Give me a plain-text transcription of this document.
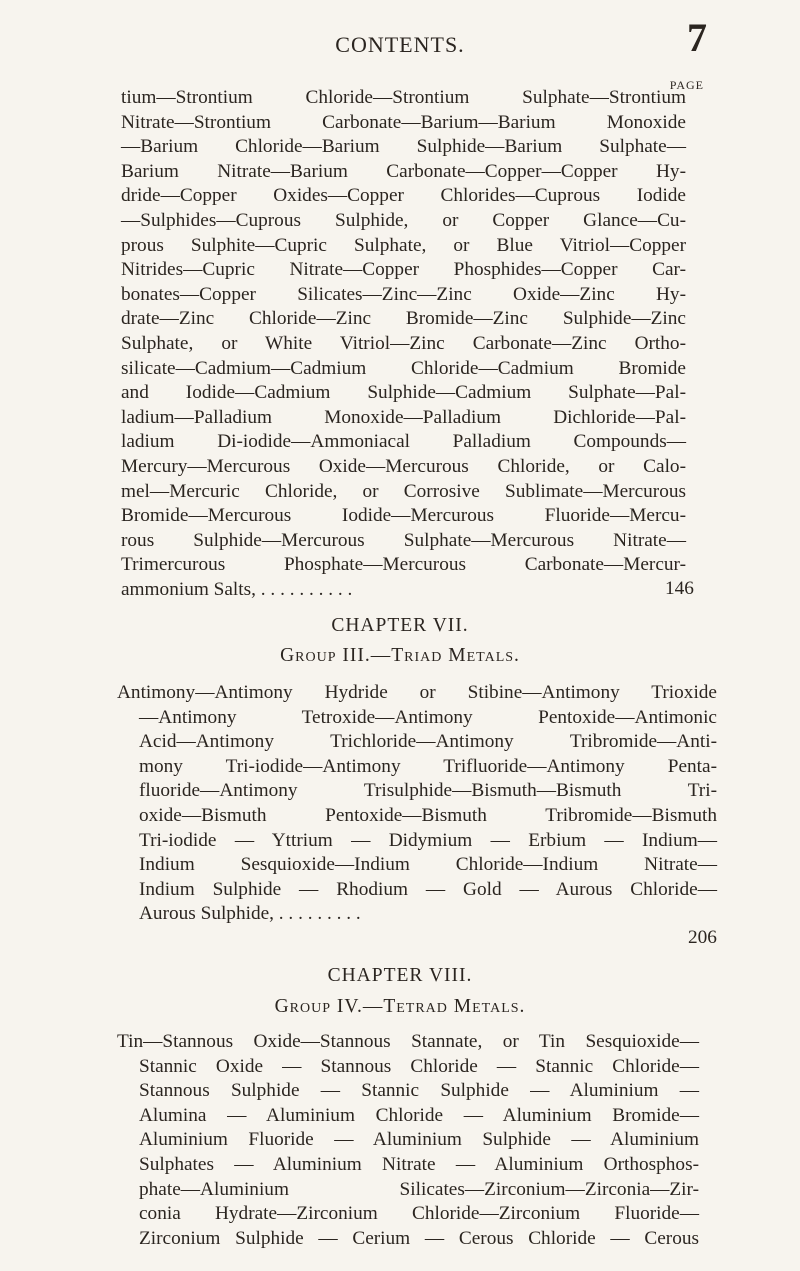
CONTENTS.	7
PAGE
tium—Strontium Chloride—Strontium Sulphate—Strontium
Nitrate—Strontium Carbonate—Barium—Barium Monoxide
—Barium Chloride—Barium Sulphide—Barium Sulphate—
Barium Nitrate—Barium Carbonate—Copper—Copper Hy-
dride—Copper Oxides—Copper Chlorides—Cuprous Iodide
—Sulphides—Cuprous Sulphide, or Copper Glance—Cu-
prous Sulphite—Cupric Sulphate, or Blue Vitriol—Copper
Nitrides—Cupric Nitrate—Copper Phosphides—Copper Car-
bonates—Copper Silicates—Zinc—Zinc Oxide—Zinc Hy-
drate—Zinc Chloride—Zinc Bromide—Zinc Sulphide—Zinc
Sulphate, or White Vitriol—Zinc Carbonate—Zinc Ortho-
silicate—Cadmium—Cadmium Chloride—Cadmium Bromide
and Iodide—Cadmium Sulphide—Cadmium Sulphate—Pal-
ladium—Palladium Monoxide—Palladium Dichloride—Pal-
ladium Di-iodide—Ammoniacal Palladium Compounds—
Mercury—Mercurous Oxide—Mercurous Chloride, or Calo-
mel—Mercuric Chloride, or Corrosive Sublimate—Mercurous
Bromide—Mercurous Iodide—Mercurous Fluoride—Mercu-
rous Sulphide—Mercurous Sulphate—Mercurous Nitrate—
Trimercurous Phosphate—Mercurous Carbonate—Mercur-
ammonium Salts, . . . . . . . . . .	146
CHAPTER VII.
Group III.—Triad Metals.
Antimony—Antimony Hydride or Stibine—Antimony Trioxide
—Antimony Tetroxide—Antimony Pentoxide—Antimonic
Acid—Antimony Trichloride—Antimony Tribromide—Anti-
mony Tri-iodide—Antimony Trifluoride—Antimony Penta-
fluoride—Antimony Trisulphide—Bismuth—Bismuth Tri-
oxide—Bismuth Pentoxide—Bismuth Tribromide—Bismuth
Tri-iodide — Yttrium — Didymium — Erbium — Indium—
Indium Sesquioxide—Indium Chloride—Indium Nitrate—
Indium Sulphide — Rhodium — Gold — Aurous Chloride—
Aurous Sulphide, . . . . . . . . .
206
CHAPTER VIII.
Group IV.—Tetrad Metals.
Tin—Stannous Oxide—Stannous Stannate, or Tin Sesquioxide—
Stannic Oxide — Stannous Chloride — Stannic Chloride—
Stannous Sulphide — Stannic Sulphide — Aluminium —
Alumina — Aluminium Chloride — Aluminium Bromide—
Aluminium Fluoride — Aluminium Sulphide — Aluminium
Sulphates — Aluminium Nitrate — Aluminium Orthosphos-
phate—Aluminium Silicates—Zirconium—Zirconia—Zir-
conia Hydrate—Zirconium Chloride—Zirconium Fluoride—
Zirconium Sulphide — Cerium — Cerous Chloride — Cerous
